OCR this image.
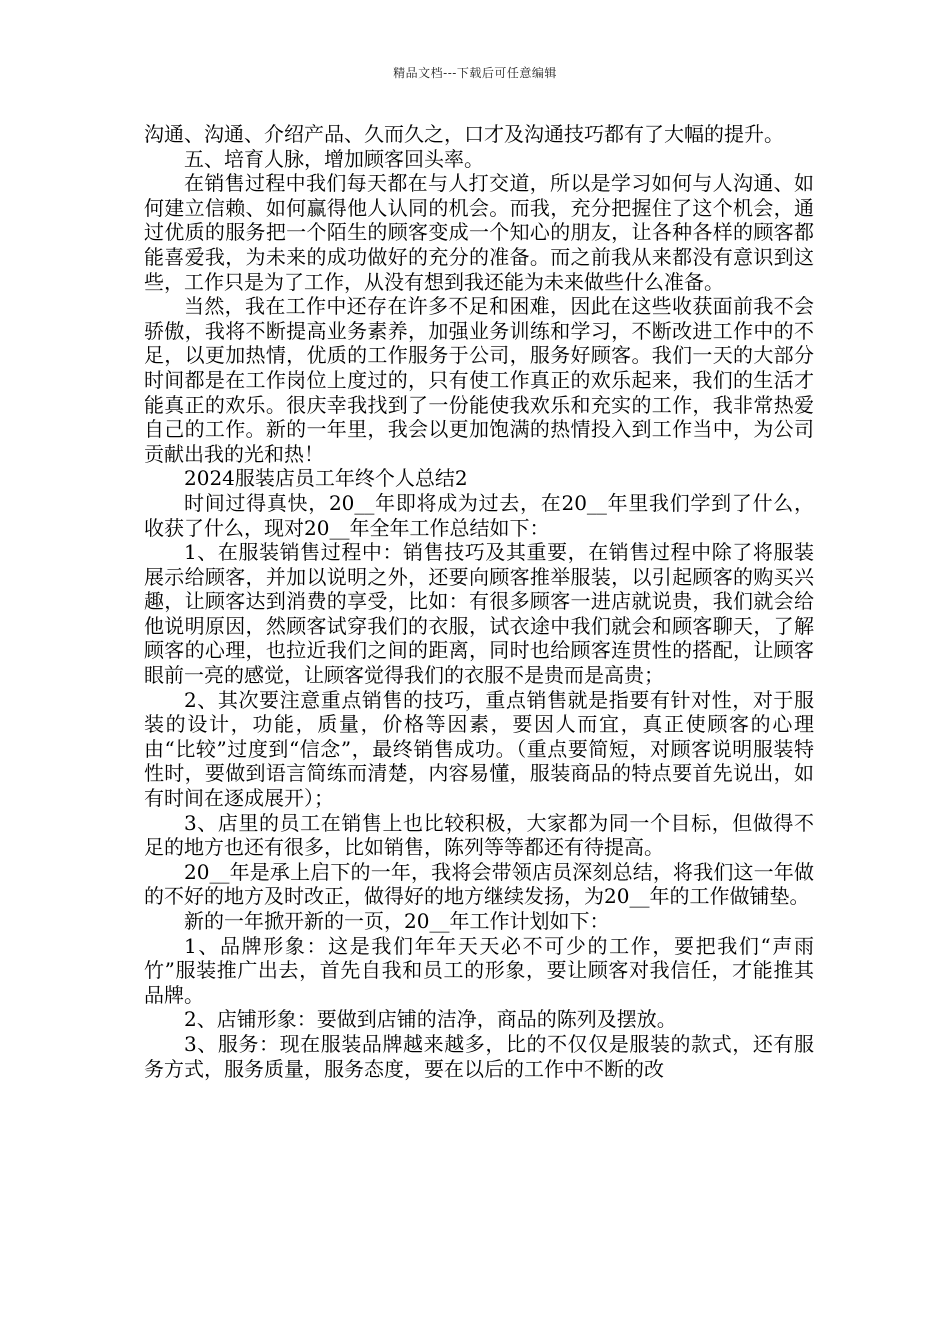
精品文档---下载后可任意编辑

沟通、沟通、介绍产品、久而久之，口才及沟通技巧都有了大幅的提升。

五、培育人脉，增加顾客回头率。

在销售过程中我们每天都在与人打交道，所以是学习如何与人沟通、如何建立信赖、如何赢得他人认同的机会。而我，充分把握住了这个机会，通过优质的服务把一个陌生的顾客变成一个知心的朋友，让各种各样的顾客都能喜爱我，为未来的成功做好的充分的准备。而之前我从来都没有意识到这些，工作只是为了工作，从没有想到我还能为未来做些什么准备。

当然，我在工作中还存在许多不足和困难，因此在这些收获面前我不会骄傲，我将不断提高业务素养，加强业务训练和学习，不断改进工作中的不足，以更加热情，优质的工作服务于公司，服务好顾客。我们一天的大部分时间都是在工作岗位上度过的，只有使工作真正的欢乐起来，我们的生活才能真正的欢乐。很庆幸我找到了一份能使我欢乐和充实的工作，我非常热爱自己的工作。新的一年里，我会以更加饱满的热情投入到工作当中，为公司贡献出我的光和热！

2024服装店员工年终个人总结2

时间过得真快，20__年即将成为过去，在20__年里我们学到了什么，收获了什么，现对20__年全年工作总结如下：

1、在服装销售过程中：销售技巧及其重要，在销售过程中除了将服装展示给顾客，并加以说明之外，还要向顾客推举服装，以引起顾客的购买兴趣，让顾客达到消费的享受，比如：有很多顾客一进店就说贵，我们就会给他说明原因，然顾客试穿我们的衣服，试衣途中我们就会和顾客聊天，了解顾客的心理，也拉近我们之间的距离，同时也给顾客连贯性的搭配，让顾客眼前一亮的感觉，让顾客觉得我们的衣服不是贵而是高贵；

2、其次要注意重点销售的技巧，重点销售就是指要有针对性，对于服装的设计，功能，质量，价格等因素，要因人而宜，真正使顾客的心理由“比较”过度到“信念”，最终销售成功。（重点要简短，对顾客说明服装特性时，要做到语言简练而清楚，内容易懂，服装商品的特点要首先说出，如有时间在逐成展开）；

3、店里的员工在销售上也比较积极，大家都为同一个目标，但做得不足的地方也还有很多，比如销售，陈列等等都还有待提高。

20__年是承上启下的一年，我将会带领店员深刻总结，将我们这一年做的不好的地方及时改正，做得好的地方继续发扬，为20__年的工作做铺垫。

新的一年掀开新的一页，20__年工作计划如下：

1、品牌形象：这是我们年年天天必不可少的工作，要把我们“声雨竹”服装推广出去，首先自我和员工的形象，要让顾客对我信任，才能推其品牌。

2、店铺形象：要做到店铺的洁净，商品的陈列及摆放。

3、服务：现在服装品牌越来越多，比的不仅仅是服装的款式，还有服务方式，服务质量，服务态度，要在以后的工作中不断的改
